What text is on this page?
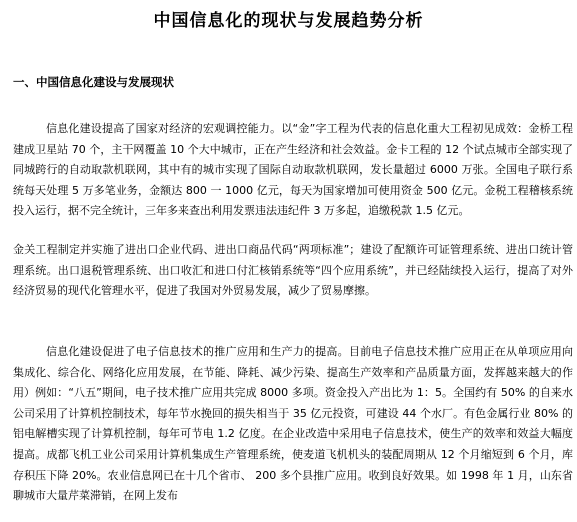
中国信息化的现状与发展趋势分析
一、中国信息化建设与发展现状

信息化建设提高了国家对经济的宏观调控能力。以“金”字工程为代表的信息化重大工程初见成效：金桥工程建成卫星站 70 个，主干网覆盖 10 个大中城市，正在产生经济和社会效益。金卡工程的 12 个试点城市全部实现了同城跨行的自动取款机联网，其中有的城市实现了国际自动取款机联网，发长量超过 6000 万张。全国电子联行系统每天处理 5 万多笔业务，金额达 800 一 1000 亿元，每天为国家增加可使用资金 500 亿元。金税工程稽核系统投入运行，据不完全统计，三年多来查出利用发票违法违纪件 3 万多起，追缴税款 1.5 亿元。

金关工程制定并实施了进出口企业代码、进出口商品代码“两项标准”；建设了配额许可证管理系统、进出口统计管理系统。出口退税管理系统、出口收汇和进口付汇核销系统等“四个应用系统”，并已经陆续投入运行，提高了对外经济贸易的现代化管理水平，促进了我国对外贸易发展，减少了贸易摩擦。

信息化建设促进了电子信息技术的推广应用和生产力的提高。目前电子信息技术推广应用正在从单项应用向集成化、综合化、网络化应用发展，在节能、降耗、减少污染、提高生产效率和产品质量方面，发挥越来越大的作用）例如：“八五”期间，电子技术推广应用共完成 8000 多项。资金投入产出比为 1：5。全国约有 50% 的自来水公司采用了计算机控制技术，每年节水挽回的损失相当于 35 亿元投资，可建设 44 个水厂。有色金属行业 80% 的铝电解槽实现了计算机控制，每年可节电 1.2 亿度。在企业改造中采用电子信息技术，使生产的效率和效益大幅度提高。成都飞机工业公司采用计算机集成生产管理系统，使麦道飞机机头的装配周期从 12 个月缩短到 6 个月，库存积压下降 20%。农业信息网已在十几个省市、 200 多个县推广应用。收到良好效果。如 1998 年 1 月，山东省聊城市大量芹菜滞销，在网上发布
